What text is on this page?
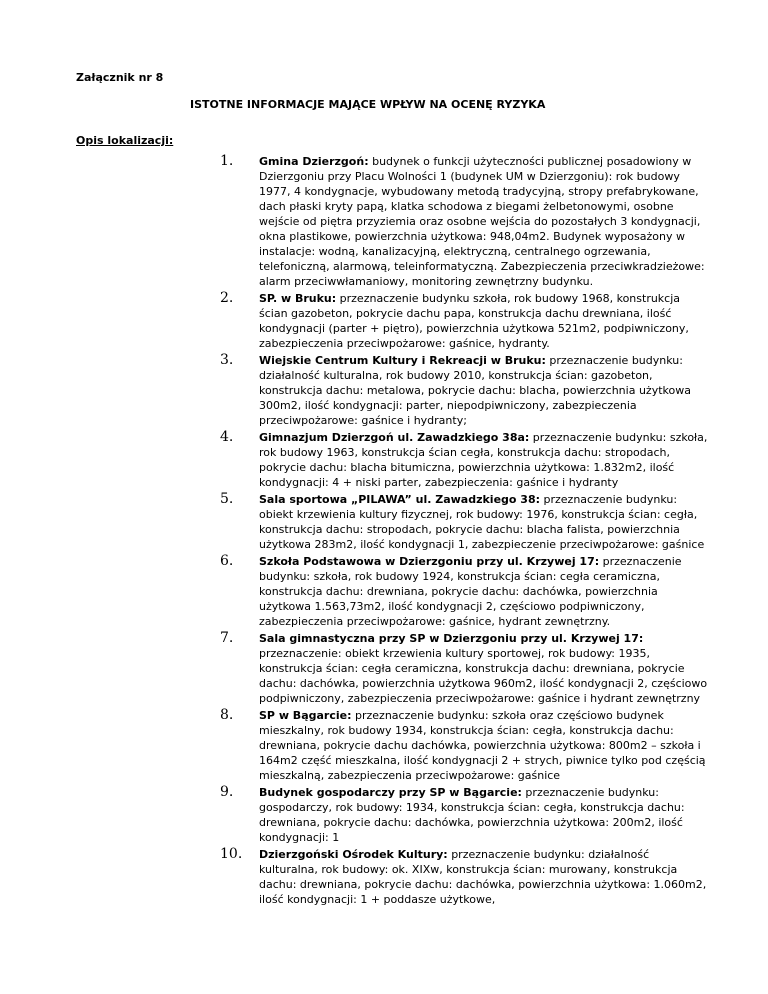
Załącznik nr 8
ISTOTNE INFORMACJE MAJĄCE WPŁYW NA OCENĘ RYZYKA
Opis lokalizacji:
1. Gmina Dzierzgoń: budynek o funkcji użyteczności publicznej posadowiony w Dzierzgoniu przy Placu Wolności 1 (budynek UM w Dzierzgoniu): rok budowy 1977, 4 kondygnacje, wybudowany metodą tradycyjną, stropy prefabrykowane, dach płaski kryty papą, klatka schodowa z biegami żelbetonowymi, osobne wejście od piętra przyziemia oraz osobne wejścia do pozostałych 3 kondygnacji, okna plastikowe, powierzchnia użytkowa: 948,04m2. Budynek wyposażony w instalacje: wodną, kanalizacyjną, elektryczną, centralnego ogrzewania, telefoniczną, alarmową, teleinformatyczną. Zabezpieczenia przeciwkradzieżowe: alarm przeciwwłamaniowy, monitoring zewnętrzny budynku.
2. SP. w Bruku: przeznaczenie budynku szkoła, rok budowy 1968, konstrukcja ścian gazobeton, pokrycie dachu papa, konstrukcja dachu drewniana, ilość kondygnacji (parter + piętro), powierzchnia użytkowa 521m2, podpiwniczony, zabezpieczenia przeciwpożarowe: gaśnice, hydranty.
3. Wiejskie Centrum Kultury i Rekreacji w Bruku: przeznaczenie budynku: działalność kulturalna, rok budowy 2010, konstrukcja ścian: gazobeton, konstrukcja dachu: metalowa, pokrycie dachu: blacha, powierzchnia użytkowa 300m2, ilość kondygnacji: parter, niepodpiwniczony, zabezpieczenia przeciwpożarowe: gaśnice i hydranty;
4. Gimnazjum Dzierzgoń ul. Zawadzkiego 38a: przeznaczenie budynku: szkoła, rok budowy 1963, konstrukcja ścian cegła, konstrukcja dachu: stropodach, pokrycie dachu: blacha bitumiczna, powierzchnia użytkowa: 1.832m2, ilość kondygnacji: 4 + niski parter, zabezpieczenia: gaśnice i hydranty
5. Sala sportowa „PILAWA” ul. Zawadzkiego 38: przeznaczenie budynku: obiekt krzewienia kultury fizycznej, rok budowy: 1976, konstrukcja ścian: cegła, konstrukcja dachu: stropodach, pokrycie dachu: blacha falista, powierzchnia użytkowa 283m2, ilość kondygnacji 1, zabezpieczenie przeciwpożarowe: gaśnice
6. Szkoła Podstawowa w Dzierzgoniu przy ul. Krzywej 17: przeznaczenie budynku: szkoła, rok budowy 1924, konstrukcja ścian: cegła ceramiczna, konstrukcja dachu: drewniana, pokrycie dachu: dachówka, powierzchnia użytkowa 1.563,73m2, ilość kondygnacji 2, częściowo podpiwniczony, zabezpieczenia przeciwpożarowe: gaśnice, hydrant zewnętrzny.
7. Sala gimnastyczna przy SP w Dzierzgoniu przy ul. Krzywej 17: przeznaczenie: obiekt krzewienia kultury sportowej, rok budowy: 1935, konstrukcja ścian: cegła ceramiczna, konstrukcja dachu: drewniana, pokrycie dachu: dachówka, powierzchnia użytkowa 960m2, ilość kondygnacji 2, częściowo podpiwniczony, zabezpieczenia przeciwpożarowe: gaśnice i hydrant zewnętrzny
8. SP w Bągarcie: przeznaczenie budynku: szkoła oraz częściowo budynek mieszkalny, rok budowy 1934, konstrukcja ścian: cegła, konstrukcja dachu: drewniana, pokrycie dachu dachówka, powierzchnia użytkowa: 800m2 – szkoła i 164m2 część mieszkalna, ilość kondygnacji 2 + strych, piwnice tylko pod częścią mieszkalną, zabezpieczenia przeciwpożarowe: gaśnice
9. Budynek gospodarczy przy SP w Bągarcie: przeznaczenie budynku: gospodarczy, rok budowy: 1934, konstrukcja ścian: cegła, konstrukcja dachu: drewniana, pokrycie dachu: dachówka, powierzchnia użytkowa: 200m2, ilość kondygnacji: 1
10. Dzierzgoński Ośrodek Kultury: przeznaczenie budynku: działalność kulturalna, rok budowy: ok. XIXw, konstrukcja ścian: murowany, konstrukcja dachu: drewniana, pokrycie dachu: dachówka, powierzchnia użytkowa: 1.060m2, ilość kondygnacji: 1 + poddasze użytkowe,
